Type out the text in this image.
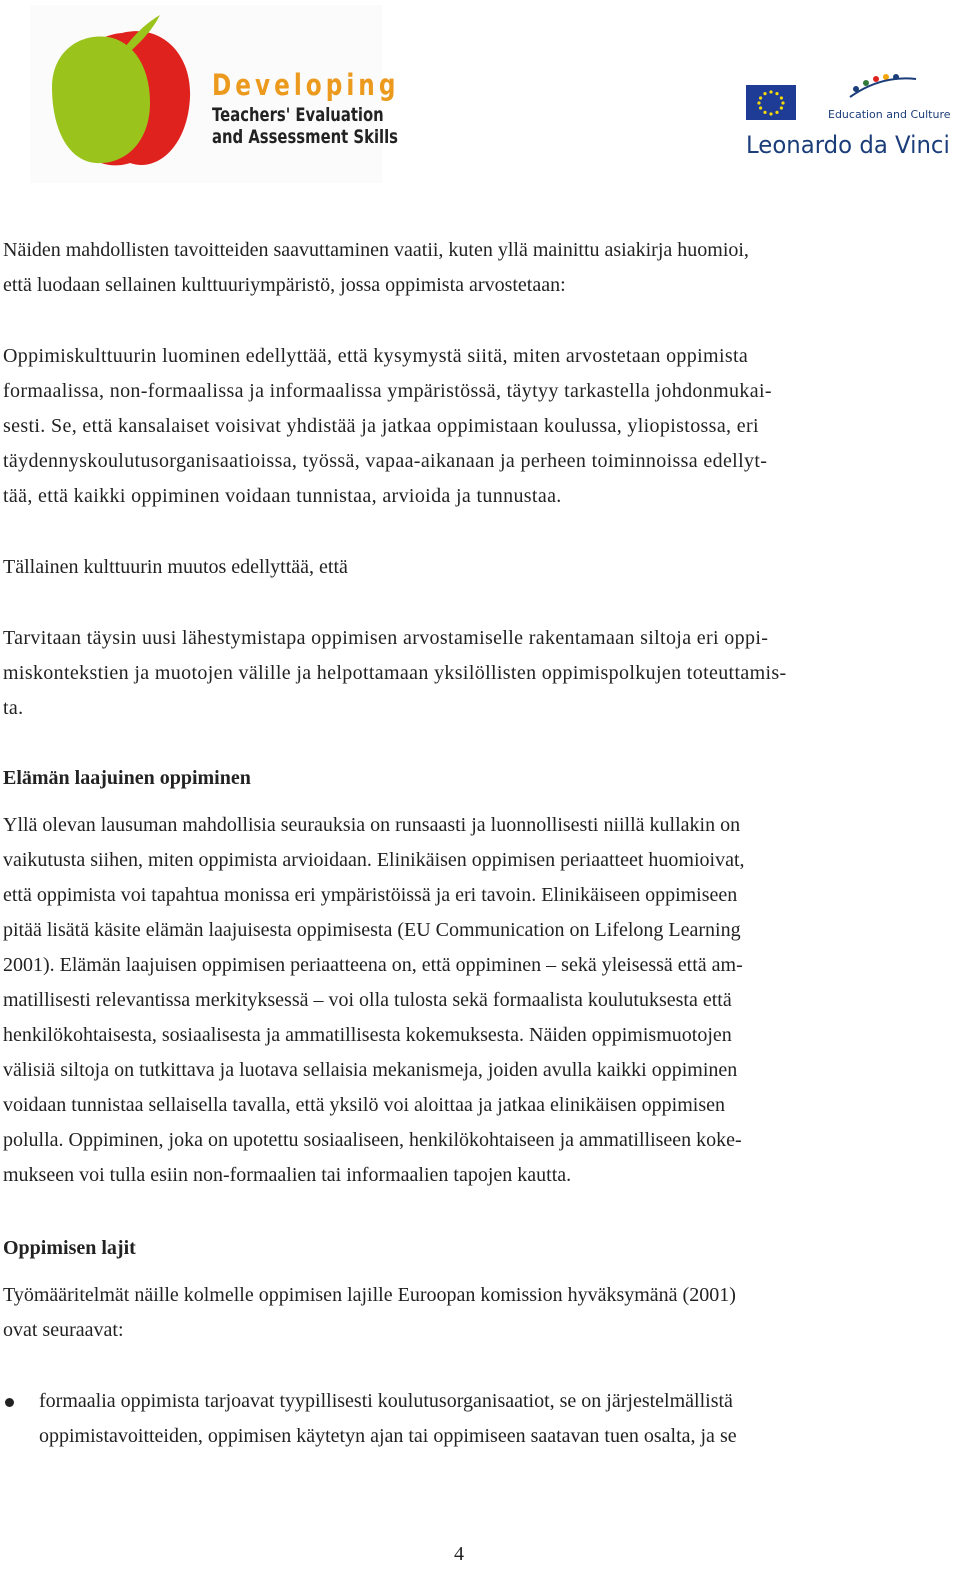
Developing
Teachers' Evaluation
and Assessment Skills
Education and Culture
Leonardo da Vinci

Näiden mahdollisten tavoitteiden saavuttaminen vaatii, kuten yllä mainittu asiakirja huomioi,
että luodaan sellainen kulttuuriympäristö, jossa oppimista arvostetaan:

Oppimiskulttuurin luominen edellyttää, että kysymystä siitä, miten arvostetaan oppimista
formaalissa, non-formaalissa ja informaalissa ympäristössä, täytyy tarkastella johdonmukai-
sesti. Se, että kansalaiset voisivat yhdistää ja jatkaa oppimistaan koulussa, yliopistossa, eri
täydennyskoulutusorganisaatioissa, työssä, vapaa-aikanaan ja perheen toiminnoissa edellyt-
tää, että kaikki oppiminen voidaan tunnistaa, arvioida ja tunnustaa.

Tällainen kulttuurin muutos edellyttää, että

Tarvitaan täysin uusi lähestymistapa oppimisen arvostamiselle rakentamaan siltoja eri oppi-
miskontekstien ja muotojen välille ja helpottamaan yksilöllisten oppimispolkujen toteuttamis-
ta.

Elämän laajuinen oppiminen

Yllä olevan lausuman mahdollisia seurauksia on runsaasti ja luonnollisesti niillä kullakin on
vaikutusta siihen, miten oppimista arvioidaan. Elinikäisen oppimisen periaatteet huomioivat,
että oppimista voi tapahtua monissa eri ympäristöissä ja eri tavoin. Elinikäiseen oppimiseen
pitää lisätä käsite elämän laajuisesta oppimisesta (EU Communication on Lifelong Learning
2001). Elämän laajuisen oppimisen periaatteena on, että oppiminen – sekä yleisessä että am-
matillisesti relevantissa merkityksessä – voi olla tulosta sekä formaalista koulutuksesta että
henkilökohtaisesta, sosiaalisesta ja ammatillisesta kokemuksesta. Näiden oppimismuotojen
välisiä siltoja on tutkittava ja luotava sellaisia mekanismeja, joiden avulla kaikki oppiminen
voidaan tunnistaa sellaisella tavalla, että yksilö voi aloittaa ja jatkaa elinikäisen oppimisen
polulla. Oppiminen, joka on upotettu sosiaaliseen, henkilökohtaiseen ja ammatilliseen koke-
mukseen voi tulla esiin non-formaalien tai informaalien tapojen kautta.

Oppimisen lajit

Työmääritelmät näille kolmelle oppimisen lajille Euroopan komission hyväksymänä (2001)
ovat seuraavat:

formaalia oppimista tarjoavat tyypillisesti koulutusorganisaatiot, se on järjestelmällistä
oppimistavoitteiden, oppimisen käytetyn ajan tai oppimiseen saatavan tuen osalta, ja se
4
